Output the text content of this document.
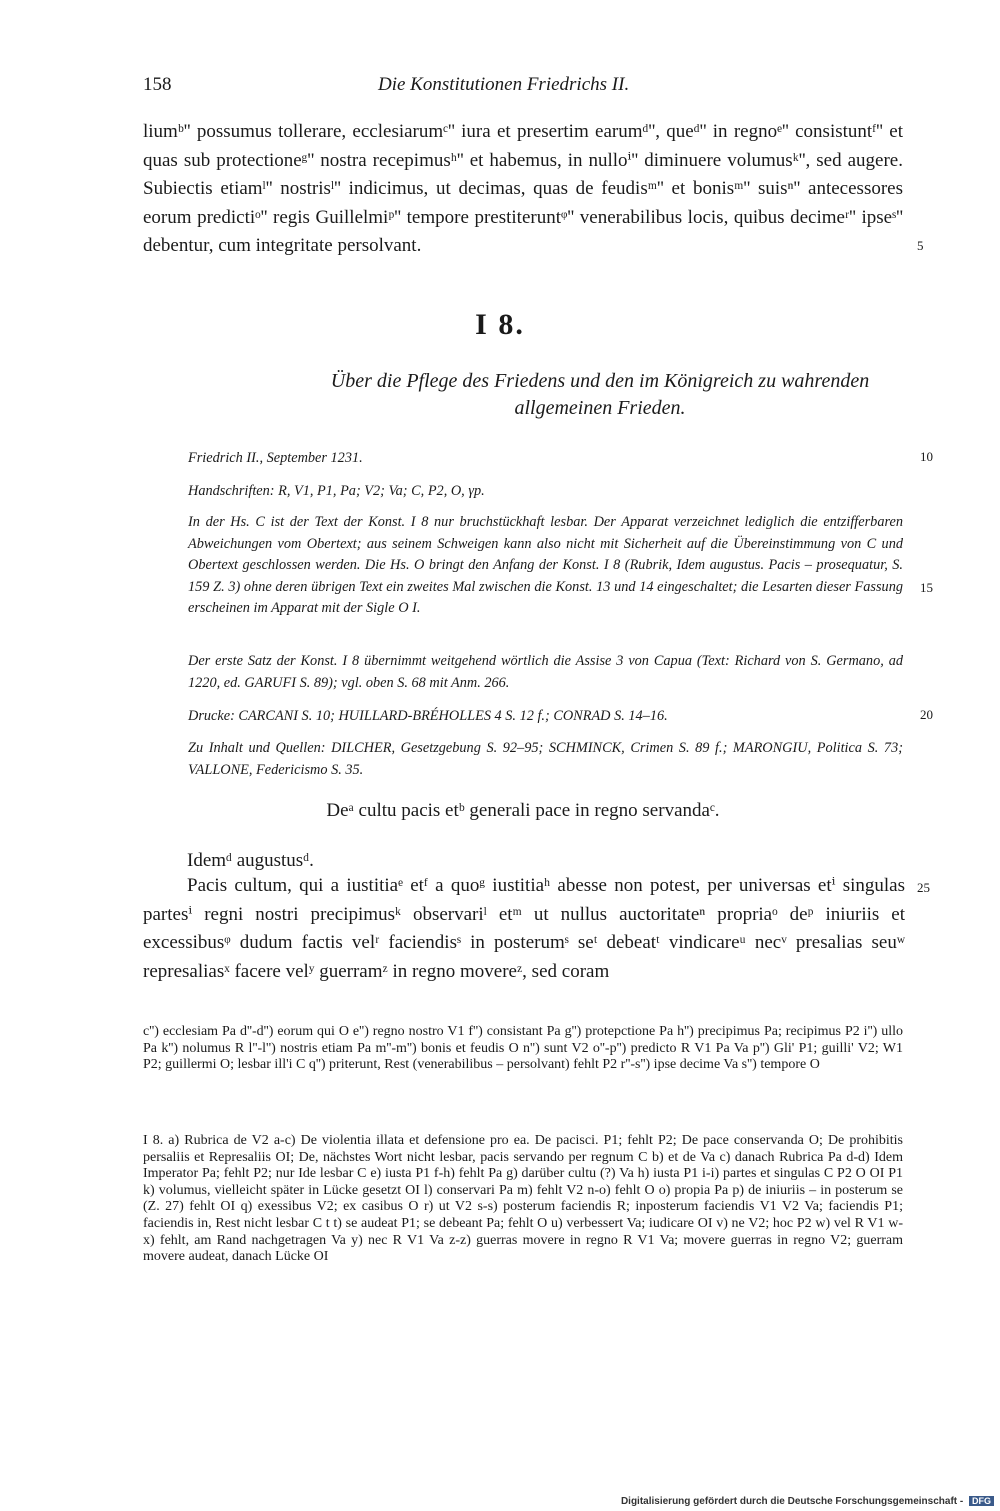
158	Die Konstitutionen Friedrichs II.
liumᵇ'' possumus tollerare, ecclesiarumᶜ'' iura et presertim earumᵈ'', queᵈ'' in regnoᵉ'' consistuntᶠ'' et quas sub protectioneᵍ'' nostra recepimusʰ'' et habemus, in nulloⁱ'' diminuere volumusᵏ'', sed augere. Subiectis etiamˡ'' nostrisˡ'' indicimus, ut decimas, quas de feudisᵐ'' et bonisᵐ'' suisⁿ'' antecessores eorum predictiᵒ'' regis Guillelmiᵖ'' tempore prestiteruntᵠ'' venerabilibus locis, quibus decimeʳ'' ipseˢ'' debentur, cum integritate persolvant.	5
I 8.
Über die Pflege des Friedens und den im Königreich zu wahrenden
allgemeinen Frieden.
Friedrich II., September 1231.	10
Handschriften: R, V1, P1, Pa; V2; Va; C, P2, O, γp.
In der Hs. C ist der Text der Konst. I 8 nur bruchstückhaft lesbar. Der Apparat verzeichnet lediglich die entzifferbaren Abweichungen vom Obertext; aus seinem Schweigen kann also nicht mit Sicherheit auf die Übereinstimmung von C und Obertext geschlossen werden. Die Hs. O bringt den Anfang der Konst. I 8 (Rubrik, Idem augustus. Pacis – prosequatur, S. 159 Z. 3) ohne deren übrigen Text ein zweites Mal zwischen die Konst. 13 und 14 eingeschaltet; die Lesarten dieser Fassung erscheinen im Apparat mit der Sigle O I.
15
Der erste Satz der Konst. I 8 übernimmt weitgehend wörtlich die Assise 3 von Capua (Text: Richard von S. Germano, ad 1220, ed. GARUFI S. 89); vgl. oben S. 68 mit Anm. 266.
Drucke: CARCANI S. 10; HUILLARD-BRÉHOLLES 4 S. 12 f.; CONRAD S. 14–16.	20
Zu Inhalt und Quellen: DILCHER, Gesetzgebung S. 92–95; SCHMINCK, Crimen S. 89 f.; MARONGIU, Politica S. 73; VALLONE, Federicismo S. 35.
Deᵃ cultu pacis etᵇ generali pace in regno servandaᶜ.
Idemᵈ augustusᵈ.
Pacis cultum, qui a iustitiaᵉ etᶠ a quoᵍ iustitiaʰ abesse non potest, per universas etⁱ singulas partesⁱ regni nostri precipimusᵏ observariˡ etᵐ ut nullus auctoritateⁿ propriaᵒ deᵖ iniuriis et excessibusᵠ dudum factis velʳ faciendisˢ in posterumˢ seᵗ debeatᵗ vindicareᵘ necᵛ presalias seuʷ represaliasˣ facere velʸ guerramᶻ in regno movereᶻ, sed coram
25
c'') ecclesiam Pa d''-d'') eorum qui O e'') regno nostro V1 f'') consistant Pa g'') protepctione Pa h'') precipimus Pa; recipimus P2 i'') ullo Pa k'') nolumus R l''-l'') nostris etiam Pa m''-m'') bonis et feudis O n'') sunt V2 o''-p'') predicto R V1 Pa Va p'') Gli' P1; guilli' V2; W1 P2; guillermi O; lesbar ill'i C q'') priterunt, Rest (venerabilibus – persolvant) fehlt P2 r''-s'') ipse decime Va s'') tempore O
I 8. a) Rubrica de V2 a-c) De violentia illata et defensione pro ea. De pacisci. P1; fehlt P2; De pace conservanda O; De prohibitis persaliis et Represaliis OI; De, nächstes Wort nicht lesbar, pacis servando per regnum C b) et de Va c) danach Rubrica Pa d-d) Idem Imperator Pa; fehlt P2; nur Ide lesbar C e) iusta P1 f-h) fehlt Pa g) darüber cultu (?) Va h) iusta P1 i-i) partes et singulas C P2 O OI P1 k) volumus, vielleicht später in Lücke gesetzt OI l) conservari Pa m) fehlt V2 n-o) fehlt O o) propia Pa p) de iniuriis – in posterum se (Z. 27) fehlt OI q) exessibus V2; ex casibus O r) ut V2 s-s) posterum faciendis R; inposterum faciendis V1 V2 Va; faciendis P1; faciendis in, Rest nicht lesbar C t t) se audeat P1; se debeant Pa; fehlt O u) verbessert Va; iudicare OI v) ne V2; hoc P2 w) vel R V1 w-x) fehlt, am Rand nachgetragen Va y) nec R V1 Va z-z) guerras movere in regno R V1 Va; movere guerras in regno V2; guerram movere audeat, danach Lücke OI
Digitalisierung gefördert durch die Deutsche Forschungsgemeinschaft - DFG
